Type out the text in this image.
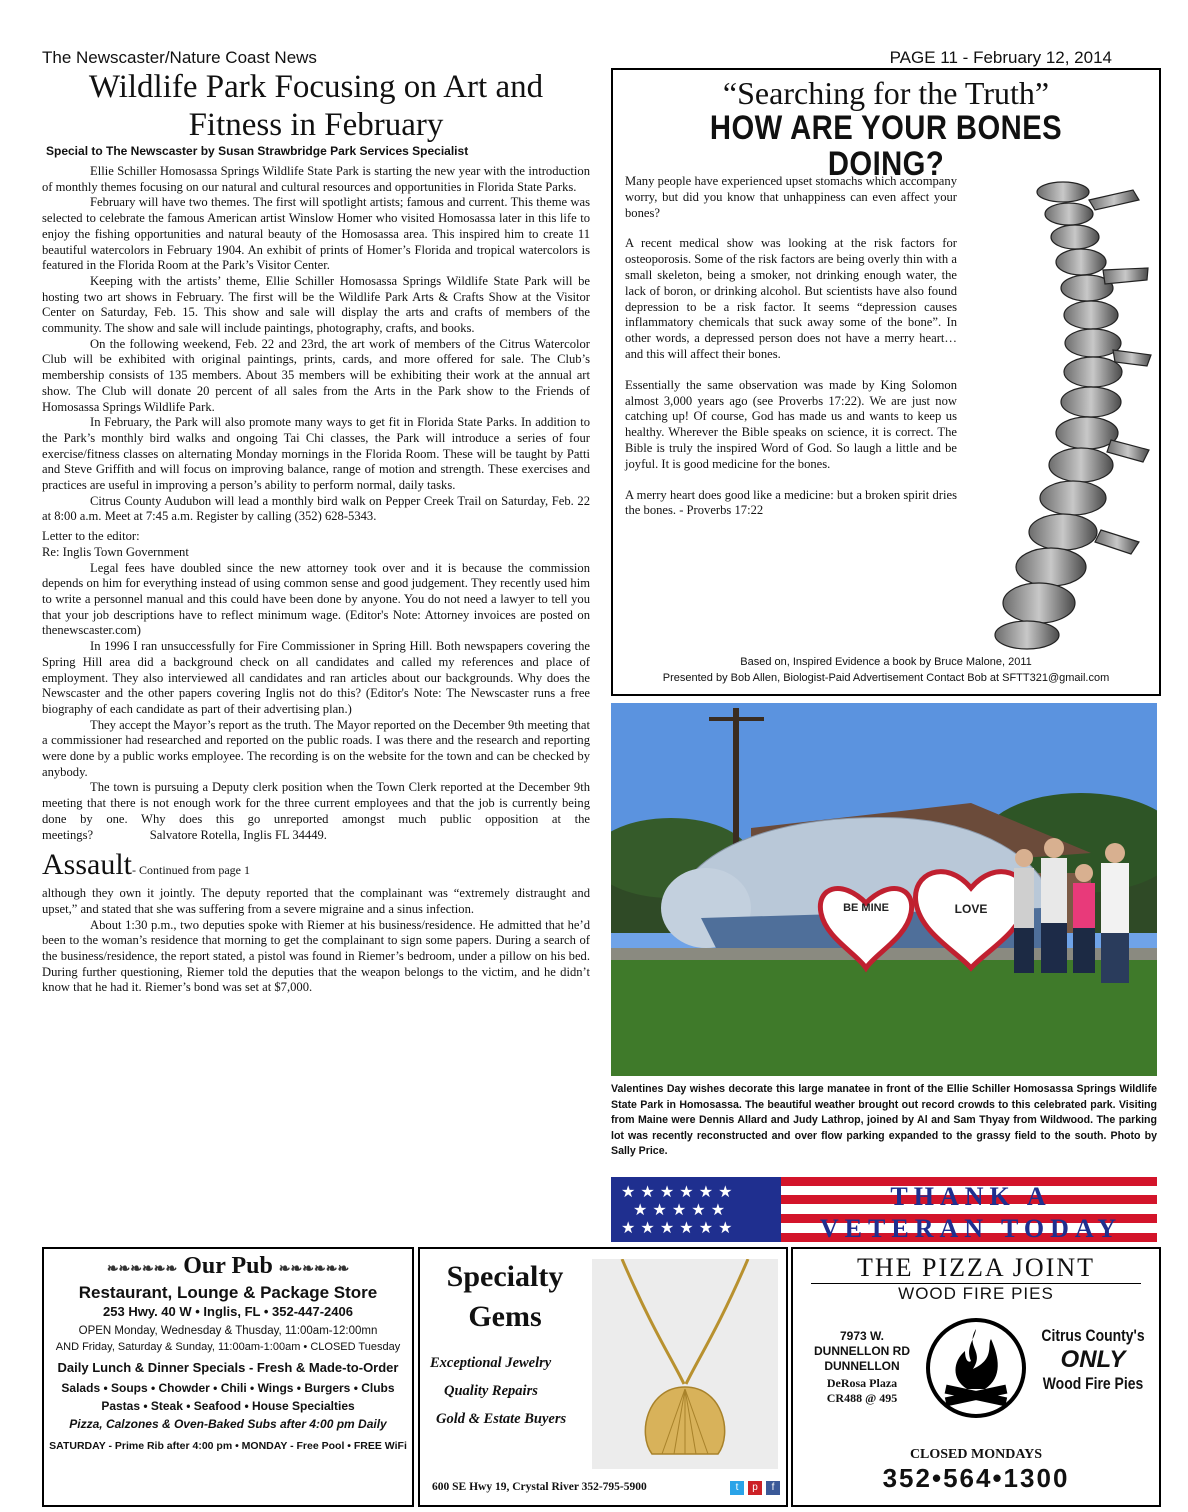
The Newscaster/Nature Coast News	PAGE 11 - February 12, 2014
Wildlife Park Focusing on Art and
Fitness in February
Special to The Newscaster by Susan Strawbridge Park Services Specialist

Ellie Schiller Homosassa Springs Wildlife State Park is starting the new year with the introduction of monthly themes focusing on our natural and cultural resources and opportunities in Florida State Parks.

February will have two themes. The first will spotlight artists; famous and current. This theme was selected to celebrate the famous American artist Winslow Homer who visited Homosassa later in this life to enjoy the fishing opportunities and natural beauty of the Homosassa area. This inspired him to create 11 beautiful watercolors in February 1904. An exhibit of prints of Homer’s Florida and tropical watercolors is featured in the Florida Room at the Park’s Visitor Center.

Keeping with the artists’ theme, Ellie Schiller Homosassa Springs Wildlife State Park will be hosting two art shows in February. The first will be the Wildlife Park Arts & Crafts Show at the Visitor Center on Saturday, Feb. 15. This show and sale will display the arts and crafts of members of the community. The show and sale will include paintings, photography, crafts, and books.

On the following weekend, Feb. 22 and 23rd, the art work of members of the Citrus Watercolor Club will be exhibited with original paintings, prints, cards, and more offered for sale. The Club’s membership consists of 135 members. About 35 members will be exhibiting their work at the annual art show. The Club will donate 20 percent of all sales from the Arts in the Park show to the Friends of Homosassa Springs Wildlife Park.

In February, the Park will also promote many ways to get fit in Florida State Parks. In addition to the Park’s monthly bird walks and ongoing Tai Chi classes, the Park will introduce a series of four exercise/fitness classes on alternating Monday mornings in the Florida Room. These will be taught by Patti and Steve Griffith and will focus on improving balance, range of motion and strength. These exercises and practices are useful in improving a person’s ability to perform normal, daily tasks.

Citrus County Audubon will lead a monthly bird walk on Pepper Creek Trail on Saturday, Feb. 22 at 8:00 a.m. Meet at 7:45 a.m. Register by calling (352) 628-5343.

Letter to the editor:

Re: Inglis Town Government

Legal fees have doubled since the new attorney took over and it is because the commission depends on him for everything instead of using common sense and good judgement. They recently used him to write a personnel manual and this could have been done by anyone. You do not need a lawyer to tell you that your job descriptions have to reflect minimum wage. (Editor's Note: Attorney invoices are posted on thenewscaster.com)

In 1996 I ran unsuccessfully for Fire Commissioner in Spring Hill. Both newspapers covering the Spring Hill area did a background check on all candidates and called my references and place of employment. They also interviewed all candidates and ran articles about our backgrounds. Why does the Newscaster and the other papers covering Inglis not do this? (Editor's Note: The Newscaster runs a free biography of each candidate as part of their advertising plan.)

They accept the Mayor’s report as the truth. The Mayor reported on the December 9th meeting that a commissioner had researched and reported on the public roads. I was there and the research and reporting were done by a public works employee. The recording is on the website for the town and can be checked by anybody.

The town is pursuing a Deputy clerk position when the Town Clerk reported at the December 9th meeting that there is not enough work for the three current employees and that the job is currently being done by one. Why does this go unreported amongst much public opposition at the meetings?	Salvatore Rotella, Inglis FL 34449.

Assault- Continued from page 1

although they own it jointly. The deputy reported that the complainant was “extremely distraught and upset,” and stated that she was suffering from a severe migraine and a sinus infection.

About 1:30 p.m., two deputies spoke with Riemer at his business/residence. He admitted that he’d been to the woman’s residence that morning to get the complainant to sign some papers. During a search of the business/residence, the report stated, a pistol was found in Riemer’s bedroom, under a pillow on his bed. During further questioning, Riemer told the deputies that the weapon belongs to the victim, and he didn’t know that he had it. Riemer’s bond was set at $7,000.

“Searching for the Truth”
HOW ARE YOUR BONES DOING?

Many people have experienced upset stomachs which accompany worry, but did you know that unhappiness can even affect your bones?

A recent medical show was looking at the risk factors for osteoporosis. Some of the risk factors are being overly thin with a small skeleton, being a smoker, not drinking enough water, the lack of boron, or drinking alcohol. But scientists have also found depression to be a risk factor. It seems “depression causes inflammatory chemicals that suck away some of the bone”. In other words, a depressed person does not have a merry heart…and this will affect their bones.

Essentially the same observation was made by King Solomon almost 3,000 years ago (see Proverbs 17:22). We are just now catching up! Of course, God has made us and wants to keep us healthy. Wherever the Bible speaks on science, it is correct. The Bible is truly the inspired Word of God. So laugh a little and be joyful. It is good medicine for the bones.

A merry heart does good like a medicine: but a broken spirit dries the bones. - Proverbs 17:22

Based on, Inspired Evidence a book by Bruce Malone, 2011
Presented by Bob Allen, Biologist-Paid Advertisement Contact Bob at SFTT321@gmail.com
BE MINE	LOVE
Valentines Day wishes decorate this large manatee in front of the Ellie Schiller Homosassa Springs Wildlife State Park in Homosassa. The beautiful weather brought out record crowds to this celebrated park. Visiting from Maine were Dennis Allard and Judy Lathrop, joined by Al and Sam Thyay from Wildwood. The parking lot was recently reconstructed and over flow parking expanded to the grassy field to the south. Photo by Sally Price.
★ ★ ★ ★ ★ ★
★ ★ ★ ★ ★
★ ★ ★ ★ ★ ★
THANK A
VETERAN TODAY
❧❧❧❧❧❧ Our Pub ❧❧❧❧❧❧
Restaurant, Lounge & Package Store
253 Hwy. 40 W • Inglis, FL • 352-447-2406
OPEN Monday, Wednesday & Thusday, 11:00am-12:00mn
AND Friday, Saturday & Sunday, 11:00am-1:00am • CLOSED Tuesday
Daily Lunch & Dinner Specials - Fresh & Made-to-Order
Salads • Soups • Chowder • Chili • Wings • Burgers • Clubs
Pastas • Steak • Seafood • House Specialties
Pizza, Calzones & Oven-Baked Subs after 4:00 pm Daily
SATURDAY - Prime Rib after 4:00 pm • MONDAY - Free Pool • FREE WiFi
Specialty
Gems
Exceptional Jewelry
Quality Repairs
Gold & Estate Buyers
600 SE Hwy 19, Crystal River 352-795-5900	t p f
THE PIZZA JOINT
WOOD FIRE PIES
7973 W.
DUNNELLON RD
DUNNELLON
DeRosa Plaza
CR488 @ 495
Citrus County's
ONLY
Wood Fire Pies
CLOSED MONDAYS
352•564•1300
